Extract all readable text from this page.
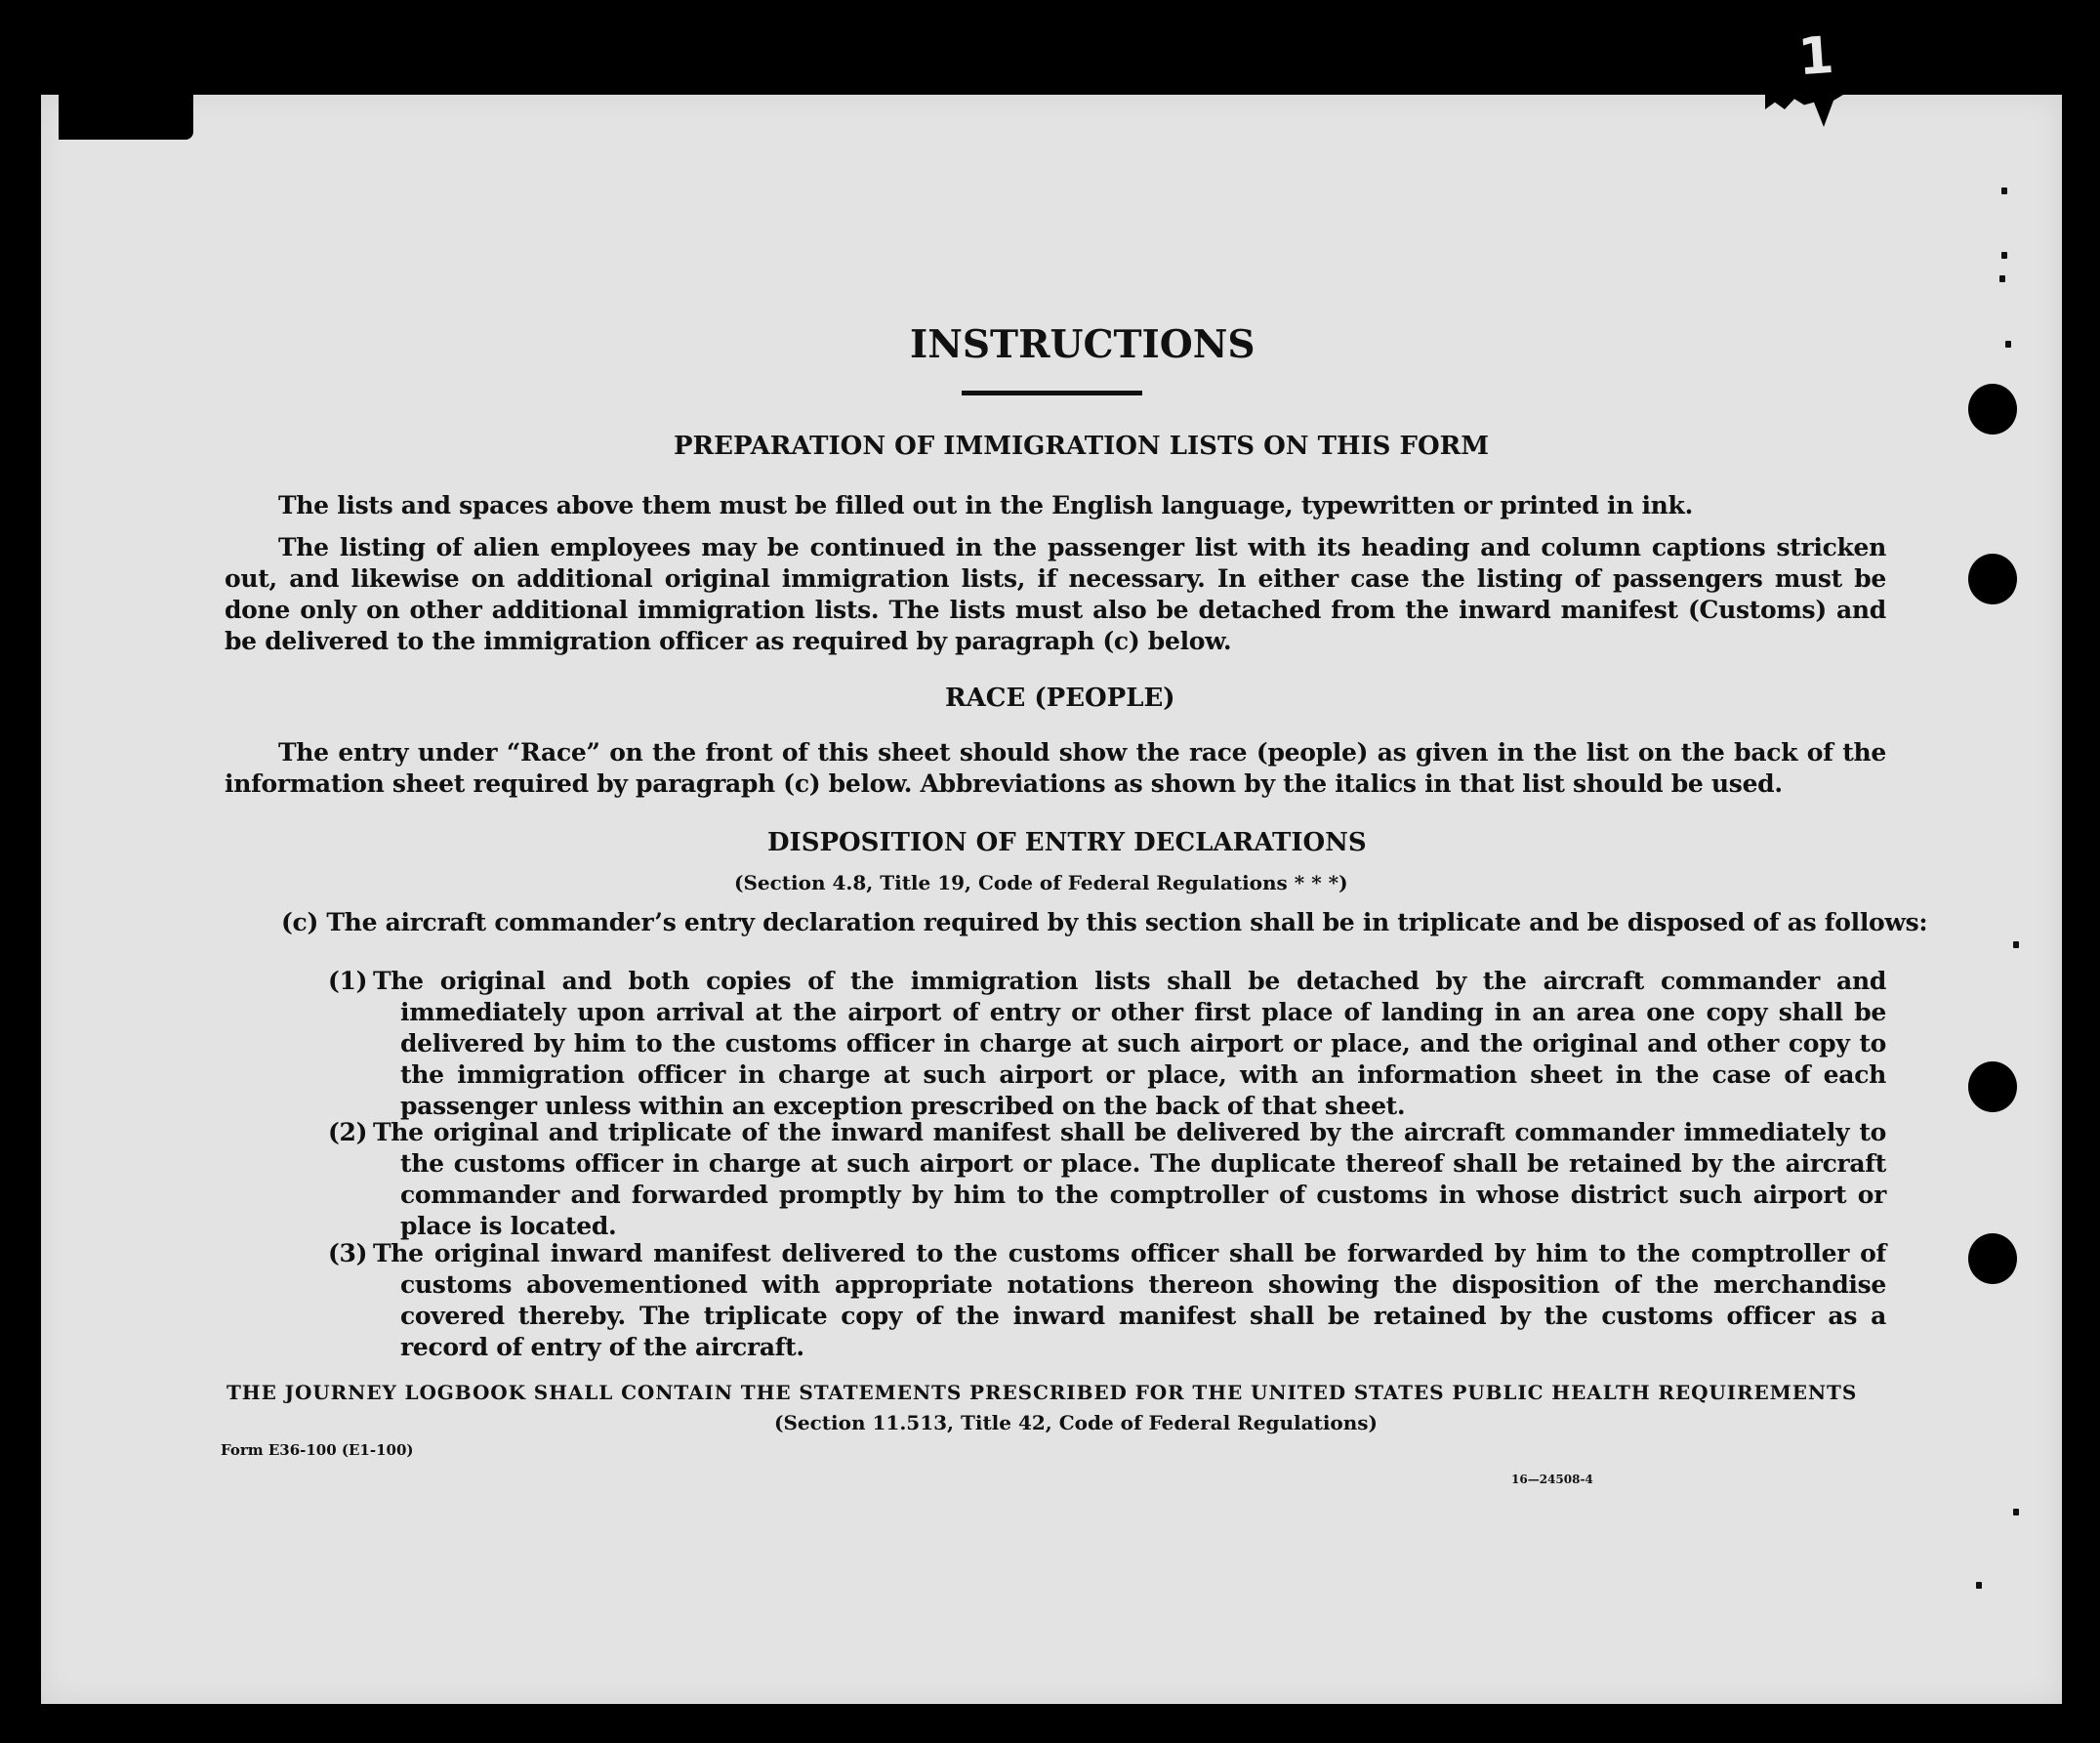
1
INSTRUCTIONS
PREPARATION OF IMMIGRATION LISTS ON THIS FORM
The lists and spaces above them must be filled out in the English language, typewritten or printed in ink.
The listing of alien employees may be continued in the passenger list with its heading and column captions stricken out, and likewise on additional original immigration lists, if necessary. In either case the listing of passengers must be done only on other additional immigration lists. The lists must also be detached from the inward manifest (Customs) and be delivered to the immigration officer as required by paragraph (c) below.
RACE (PEOPLE)
The entry under “Race” on the front of this sheet should show the race (people) as given in the list on the back of the information sheet required by paragraph (c) below. Abbreviations as shown by the italics in that list should be used.
DISPOSITION OF ENTRY DECLARATIONS
(Section 4.8, Title 19, Code of Federal Regulations * * *)
(c) The aircraft commander’s entry declaration required by this section shall be in triplicate and be disposed of as follows:
(1) The original and both copies of the immigration lists shall be detached by the aircraft commander and immediately upon arrival at the airport of entry or other first place of landing in an area one copy shall be delivered by him to the customs officer in charge at such airport or place, and the original and other copy to the immigration officer in charge at such airport or place, with an information sheet in the case of each passenger unless within an exception prescribed on the back of that sheet.
(2) The original and triplicate of the inward manifest shall be delivered by the aircraft commander immediately to the customs officer in charge at such airport or place. The duplicate thereof shall be retained by the aircraft commander and forwarded promptly by him to the comptroller of customs in whose district such airport or place is located.
(3) The original inward manifest delivered to the customs officer shall be forwarded by him to the comptroller of customs abovementioned with appropriate notations thereon showing the disposition of the merchandise covered thereby. The triplicate copy of the inward manifest shall be retained by the customs officer as a record of entry of the aircraft.
THE JOURNEY LOGBOOK SHALL CONTAIN THE STATEMENTS PRESCRIBED FOR THE UNITED STATES PUBLIC HEALTH REQUIREMENTS
(Section 11.513, Title 42, Code of Federal Regulations)
Form E36-100 (E1-100)
16—24508-4
